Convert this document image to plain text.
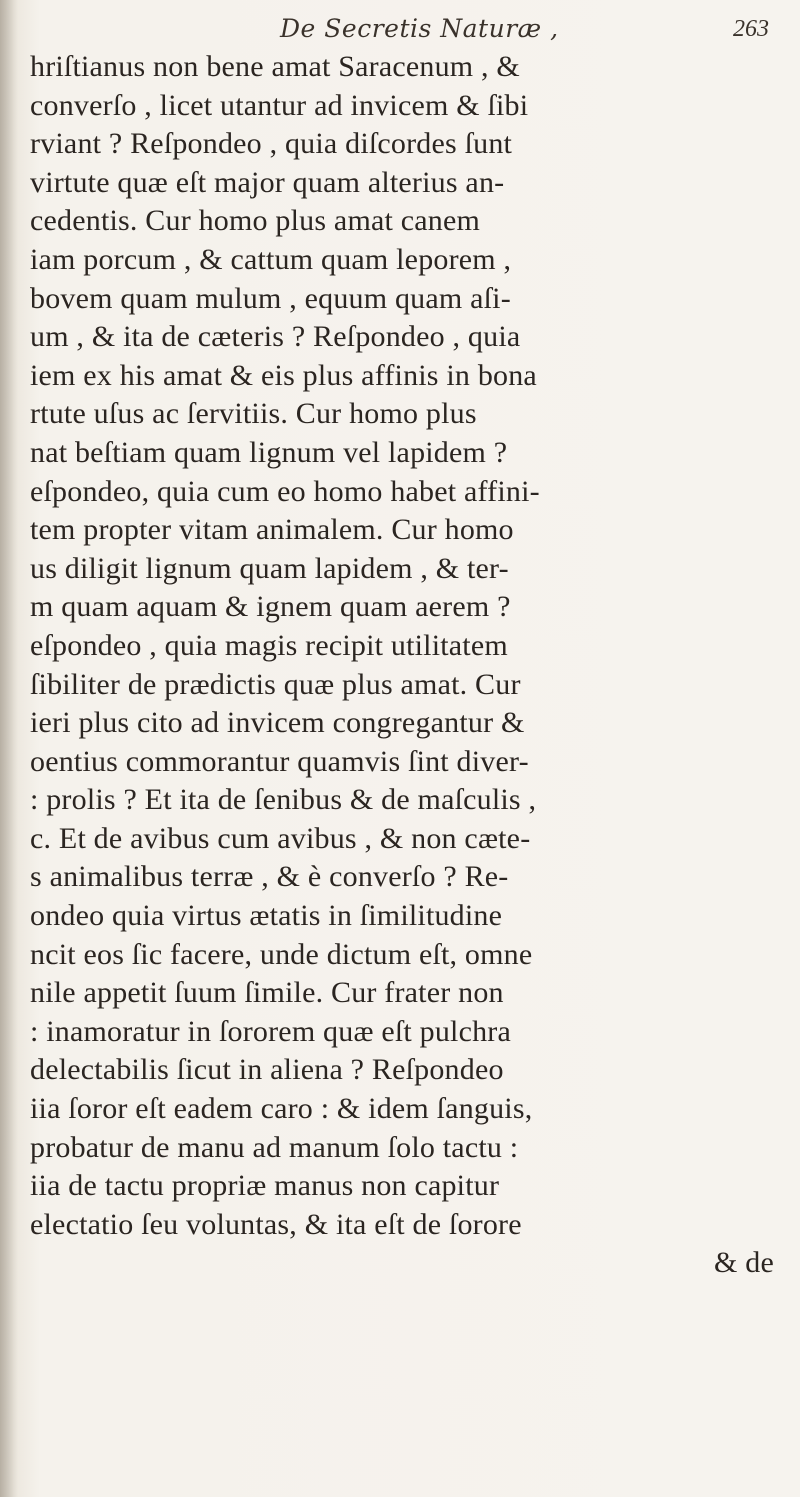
De Secretis Naturæ ,	263
hriſtianus non bene amat Saracenum , &
converſo , licet utantur ad invicem & ſibi
rviant ? Reſpondeo , quia diſcordes ſunt
virtute quæ eſt major quam alterius an-
cedentis. Cur homo plus amat canem
iam porcum , & cattum quam leporem ,
bovem quam mulum , equum quam aſi-
um , & ita de cæteris ? Reſpondeo , quia
iem ex his amat & eis plus affinis in bona
rtute uſus ac ſervitiis. Cur homo plus
nat beſtiam quam lignum vel lapidem ?
eſpondeo, quia cum eo homo habet affini-
tem propter vitam animalem. Cur homo
us diligit lignum quam lapidem , & ter-
m quam aquam & ignem quam aerem ?
eſpondeo , quia magis recipit utilitatem
ſibiliter de prædictis quæ plus amat. Cur
ieri plus cito ad invicem congregantur &
oentius commorantur quamvis ſint diver-
: prolis ? Et ita de ſenibus & de maſculis ,
c. Et de avibus cum avibus , & non cæte-
s animalibus terræ , & è converſo ? Re-
ondeo quia virtus ætatis in ſimilitudine
ncit eos ſic facere, unde dictum eſt, omne
nile appetit ſuum ſimile. Cur frater non
: inamoratur in ſororem quæ eſt pulchra
delectabilis ſicut in aliena ? Reſpondeo
iia ſoror eſt eadem caro : & idem ſanguis,
probatur de manu ad manum ſolo tactu :
iia de tactu propriæ manus non capitur
electatio ſeu voluntas, & ita eſt de ſorore
& de
